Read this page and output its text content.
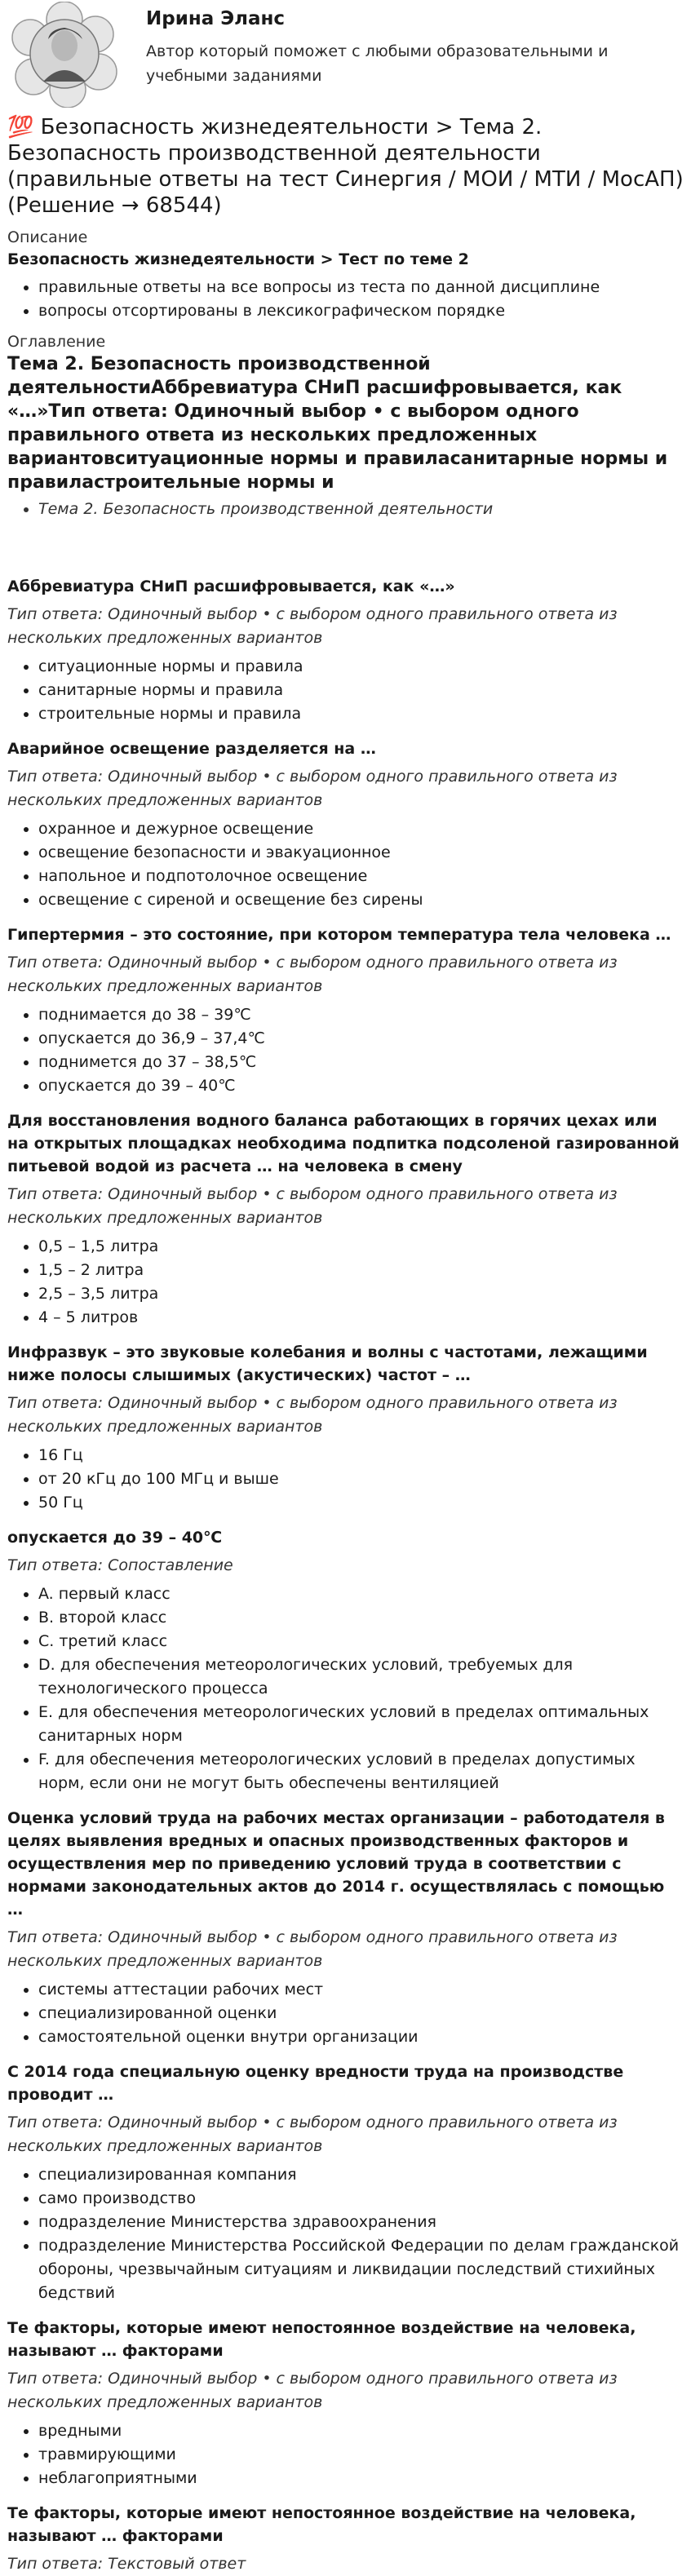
Ирина Эланс
Автор который поможет с любыми образовательными и учебными заданиями
💯 Безопасность жизнедеятельности > Тема 2. Безопасность производственной деятельности (правильные ответы на тест Синергия / МОИ / МТИ / МосАП) (Решение → 68544)
Описание
Безопасность жизнедеятельности > Тест по теме 2
• правильные ответы на все вопросы из теста по данной дисциплине
• вопросы отсортированы в лексикографическом порядке
Оглавление
Тема 2. Безопасность производственной деятельностиАббревиатура СНиП расшифровывается, как «…»Тип ответа: Одиночный выбор • с выбором одного правильного ответа из нескольких предложенных вариантовситуационные нормы и правиласанитарные нормы и правиластроительные нормы и
• Тема 2. Безопасность производственной деятельности
Аббревиатура СНиП расшифровывается, как «…»
Тип ответа: Одиночный выбор • с выбором одного правильного ответа из нескольких предложенных вариантов
• ситуационные нормы и правила
• санитарные нормы и правила
• строительные нормы и правила
Аварийное освещение разделяется на …
Тип ответа: Одиночный выбор • с выбором одного правильного ответа из нескольких предложенных вариантов
• охранное и дежурное освещение
• освещение безопасности и эвакуационное
• напольное и подпотолочное освещение
• освещение с сиреной и освещение без сирены
Гипертермия – это состояние, при котором температура тела человека …
Тип ответа: Одиночный выбор • с выбором одного правильного ответа из нескольких предложенных вариантов
• поднимается до 38 – 39℃
• опускается до 36,9 – 37,4℃
• поднимется до 37 – 38,5℃
• опускается до 39 – 40℃
Для восстановления водного баланса работающих в горячих цехах или на открытых площадках необходима подпитка подсоленой газированной питьевой водой из расчета … на человека в смену
Тип ответа: Одиночный выбор • с выбором одного правильного ответа из нескольких предложенных вариантов
• 0,5 – 1,5 литра
• 1,5 – 2 литра
• 2,5 – 3,5 литра
• 4 – 5 литров
Инфразвук – это звуковые колебания и волны с частотами, лежащими ниже полосы слышимых (акустических) частот – …
Тип ответа: Одиночный выбор • с выбором одного правильного ответа из нескольких предложенных вариантов
• 16 Гц
• от 20 кГц до 100 МГц и выше
• 50 Гц
опускается до 39 – 40℃
Тип ответа: Сопоставление
• A. первый класс
• B. второй класс
• C. третий класс
• D. для обеспечения метеорологических условий, требуемых для технологического процесса
• E. для обеспечения метеорологических условий в пределах оптимальных санитарных норм
• F. для обеспечения метеорологических условий в пределах допустимых норм, если они не могут быть обеспечены вентиляцией
Оценка условий труда на рабочих местах организации – работодателя в целях выявления вредных и опасных производственных факторов и осуществления мер по приведению условий труда в соответствии с нормами законодательных актов до 2014 г. осуществлялась с помощью …
Тип ответа: Одиночный выбор • с выбором одного правильного ответа из нескольких предложенных вариантов
• системы аттестации рабочих мест
• специализированной оценки
• самостоятельной оценки внутри организации
С 2014 года специальную оценку вредности труда на производстве проводит …
Тип ответа: Одиночный выбор • с выбором одного правильного ответа из нескольких предложенных вариантов
• специализированная компания
• само производство
• подразделение Министерства здравоохранения
• подразделение Министерства Российской Федерации по делам гражданской обороны, чрезвычайным ситуациям и ликвидации последствий стихийных бедствий
Те факторы, которые имеют непостоянное воздействие на человека, называют … факторами
Тип ответа: Одиночный выбор • с выбором одного правильного ответа из нескольких предложенных вариантов
• вредными
• травмирующими
• неблагоприятными
Те факторы, которые имеют непостоянное воздействие на человека, называют … факторами
Тип ответа: Текстовый ответ
